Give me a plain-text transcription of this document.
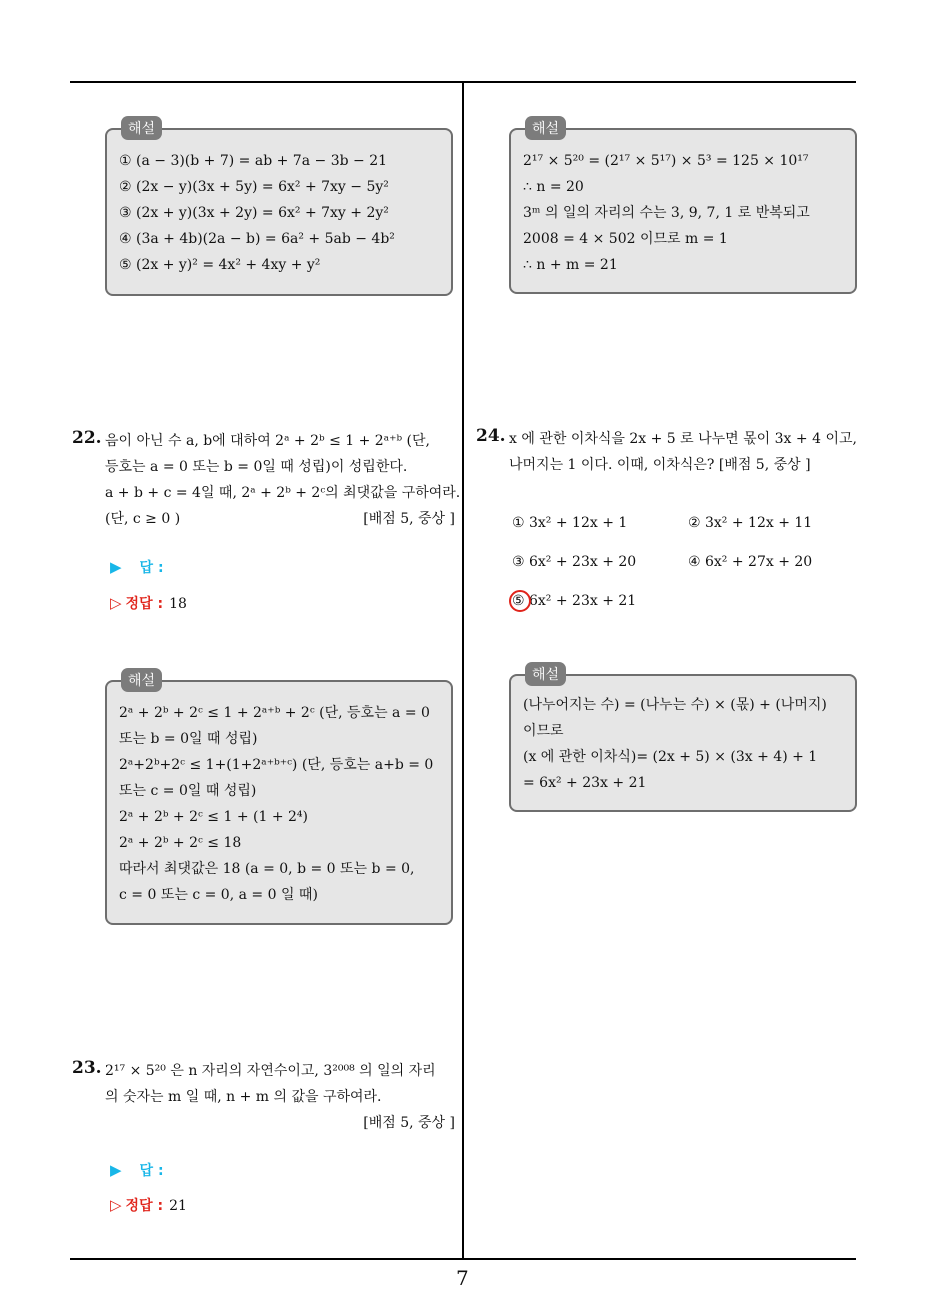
해설
① (a − 3)(b + 7) = ab + 7a − 3b − 21
② (2x − y)(3x + 5y) = 6x² + 7xy − 5y²
③ (2x + y)(3x + 2y) = 6x² + 7xy + 2y²
④ (3a + 4b)(2a − b) = 6a² + 5ab − 4b²
⑤ (2x + y)² = 4x² + 4xy + y²
해설
2¹⁷ × 5²⁰ = (2¹⁷ × 5¹⁷) × 5³ = 125 × 10¹⁷
∴ n = 20
3ᵐ 의 일의 자리의 수는 3, 9, 7, 1 로 반복되고
2008 = 4 × 502 이므로 m = 1
∴ n + m = 21
22. 음이 아닌 수 a, b에 대하여 2ᵃ + 2ᵇ ≤ 1 + 2ᵃ⁺ᵇ (단,
등호는 a = 0 또는 b = 0일 때 성립)이 성립한다.
a + b + c = 4일 때, 2ᵃ + 2ᵇ + 2ᶜ의 최댓값을 구하여라.
(단, c ≥ 0 )	[배점 5, 중상 ]
▶ 답 :
▷ 정답 : 18
해설
2ᵃ + 2ᵇ + 2ᶜ ≤ 1 + 2ᵃ⁺ᵇ + 2ᶜ (단, 등호는 a = 0
또는 b = 0일 때 성립)
2ᵃ+2ᵇ+2ᶜ ≤ 1+(1+2ᵃ⁺ᵇ⁺ᶜ) (단, 등호는 a+b = 0
또는 c = 0일 때 성립)
2ᵃ + 2ᵇ + 2ᶜ ≤ 1 + (1 + 2⁴)
2ᵃ + 2ᵇ + 2ᶜ ≤ 18
따라서 최댓값은 18 (a = 0, b = 0 또는 b = 0,
c = 0 또는 c = 0, a = 0 일 때)
23. 2¹⁷ × 5²⁰ 은 n 자리의 자연수이고, 3²⁰⁰⁸ 의 일의 자리
의 숫자는 m 일 때, n + m 의 값을 구하여라.
[배점 5, 중상 ]
▶ 답 :
▷ 정답 : 21
24. x 에 관한 이차식을 2x + 5 로 나누면 몫이 3x + 4 이고,
나머지는 1 이다. 이때, 이차식은? [배점 5, 중상 ]
① 3x² + 12x + 1	② 3x² + 12x + 11
③ 6x² + 23x + 20	④ 6x² + 27x + 20
⑤ 6x² + 23x + 21
해설
(나누어지는 수) = (나누는 수) × (몫) + (나머지)
이므로
(x 에 관한 이차식)= (2x + 5) × (3x + 4) + 1
= 6x² + 23x + 21
7
